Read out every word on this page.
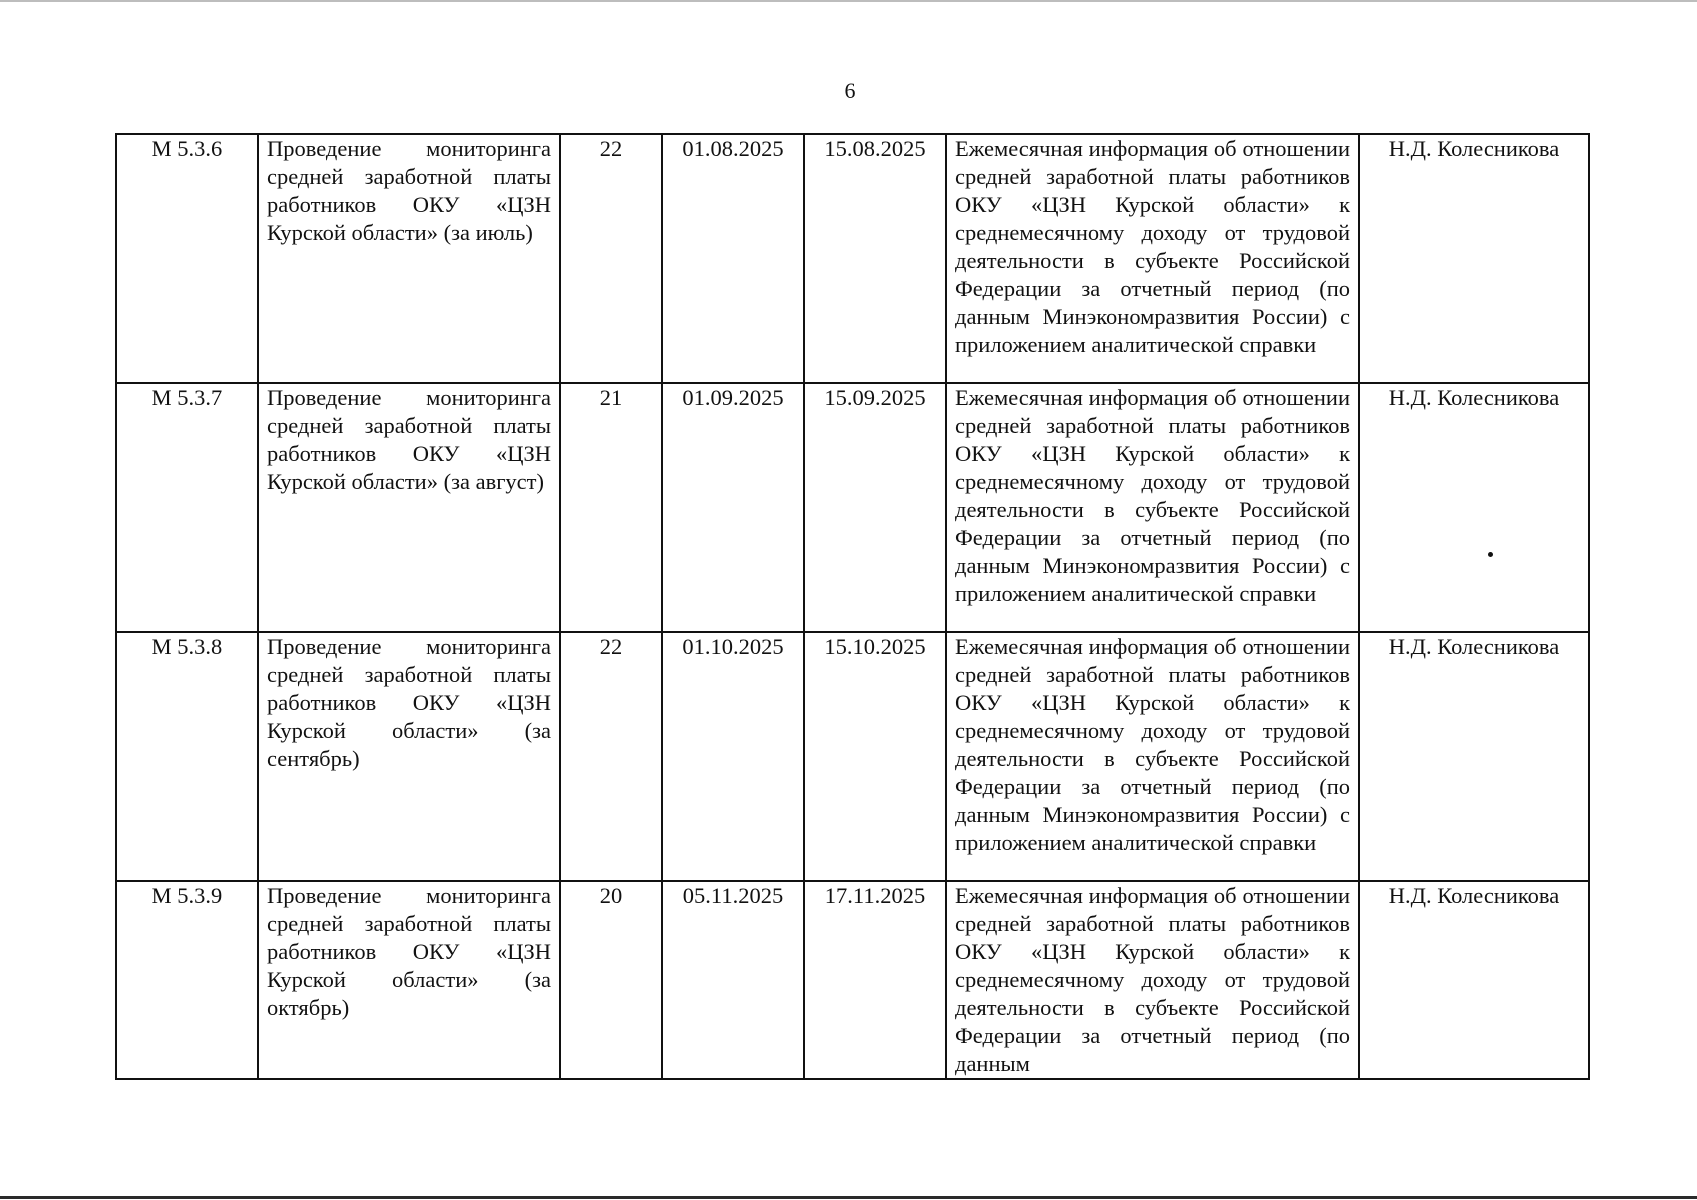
6
М 5.3.6	Проведение мониторинга средней заработной платы работников ОКУ «ЦЗН Курской области» (за июль)	22	01.08.2025	15.08.2025	Ежемесячная информация об отношении средней заработной платы работников ОКУ «ЦЗН Курской области» к среднемесячному доходу от трудовой деятельности в субъекте Российской Федерации за отчетный период (по данным Минэкономразвития России) с приложением аналитической справки	Н.Д. Колесникова
М 5.3.7	Проведение мониторинга средней заработной платы работников ОКУ «ЦЗН Курской области» (за август)	21	01.09.2025	15.09.2025	Ежемесячная информация об отношении средней заработной платы работников ОКУ «ЦЗН Курской области» к среднемесячному доходу от трудовой деятельности в субъекте Российской Федерации за отчетный период (по данным Минэкономразвития России) с приложением аналитической справки	Н.Д. Колесникова

М 5.3.8	Проведение мониторинга средней заработной платы работников ОКУ «ЦЗН Курской области» (за сентябрь)	22	01.10.2025	15.10.2025	Ежемесячная информация об отношении средней заработной платы работников ОКУ «ЦЗН Курской области» к среднемесячному доходу от трудовой деятельности в субъекте Российской Федерации за отчетный период (по данным Минэкономразвития России) с приложением аналитической справки	Н.Д. Колесникова
М 5.3.9	Проведение мониторинга средней заработной платы работников ОКУ «ЦЗН Курской области» (за октябрь)	20	05.11.2025	17.11.2025	Ежемесячная информация об отношении средней заработной платы работников ОКУ «ЦЗН Курской области» к среднемесячному доходу от трудовой деятельности в субъекте Российской Федерации за отчетный период (по данным	Н.Д. Колесникова
